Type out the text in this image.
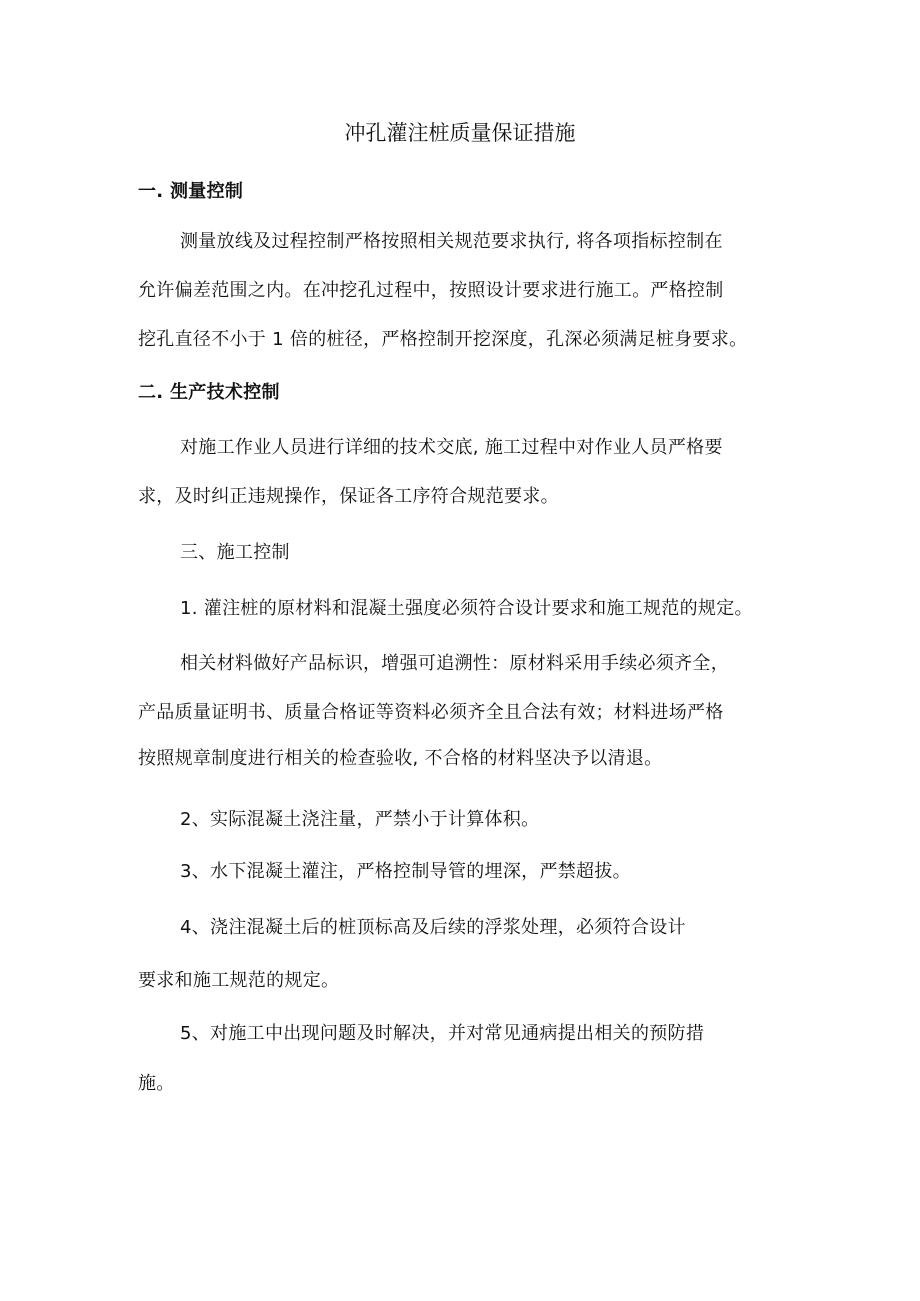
冲孔灌注桩质量保证措施
一. 测量控制
测量放线及过程控制严格按照相关规范要求执行, 将各项指标控制在
允许偏差范围之内。在冲挖孔过程中，按照设计要求进行施工。严格控制
挖孔直径不小于 1 倍的桩径，严格控制开挖深度，孔深必须满足桩身要求。
二. 生产技术控制
对施工作业人员进行详细的技术交底, 施工过程中对作业人员严格要
求，及时纠正违规操作，保证各工序符合规范要求。
三、施工控制
1. 灌注桩的原材料和混凝土强度必须符合设计要求和施工规范的规定。
相关材料做好产品标识，增强可追溯性：原材料采用手续必须齐全，
产品质量证明书、质量合格证等资料必须齐全且合法有效；材料进场严格
按照规章制度进行相关的检查验收, 不合格的材料坚决予以清退。
2、实际混凝土浇注量，严禁小于计算体积。
3、水下混凝土灌注，严格控制导管的埋深，严禁超拔。
4、浇注混凝土后的桩顶标高及后续的浮浆处理，必须符合设计
要求和施工规范的规定。
5、对施工中出现问题及时解决，并对常见通病提出相关的预防措
施。
